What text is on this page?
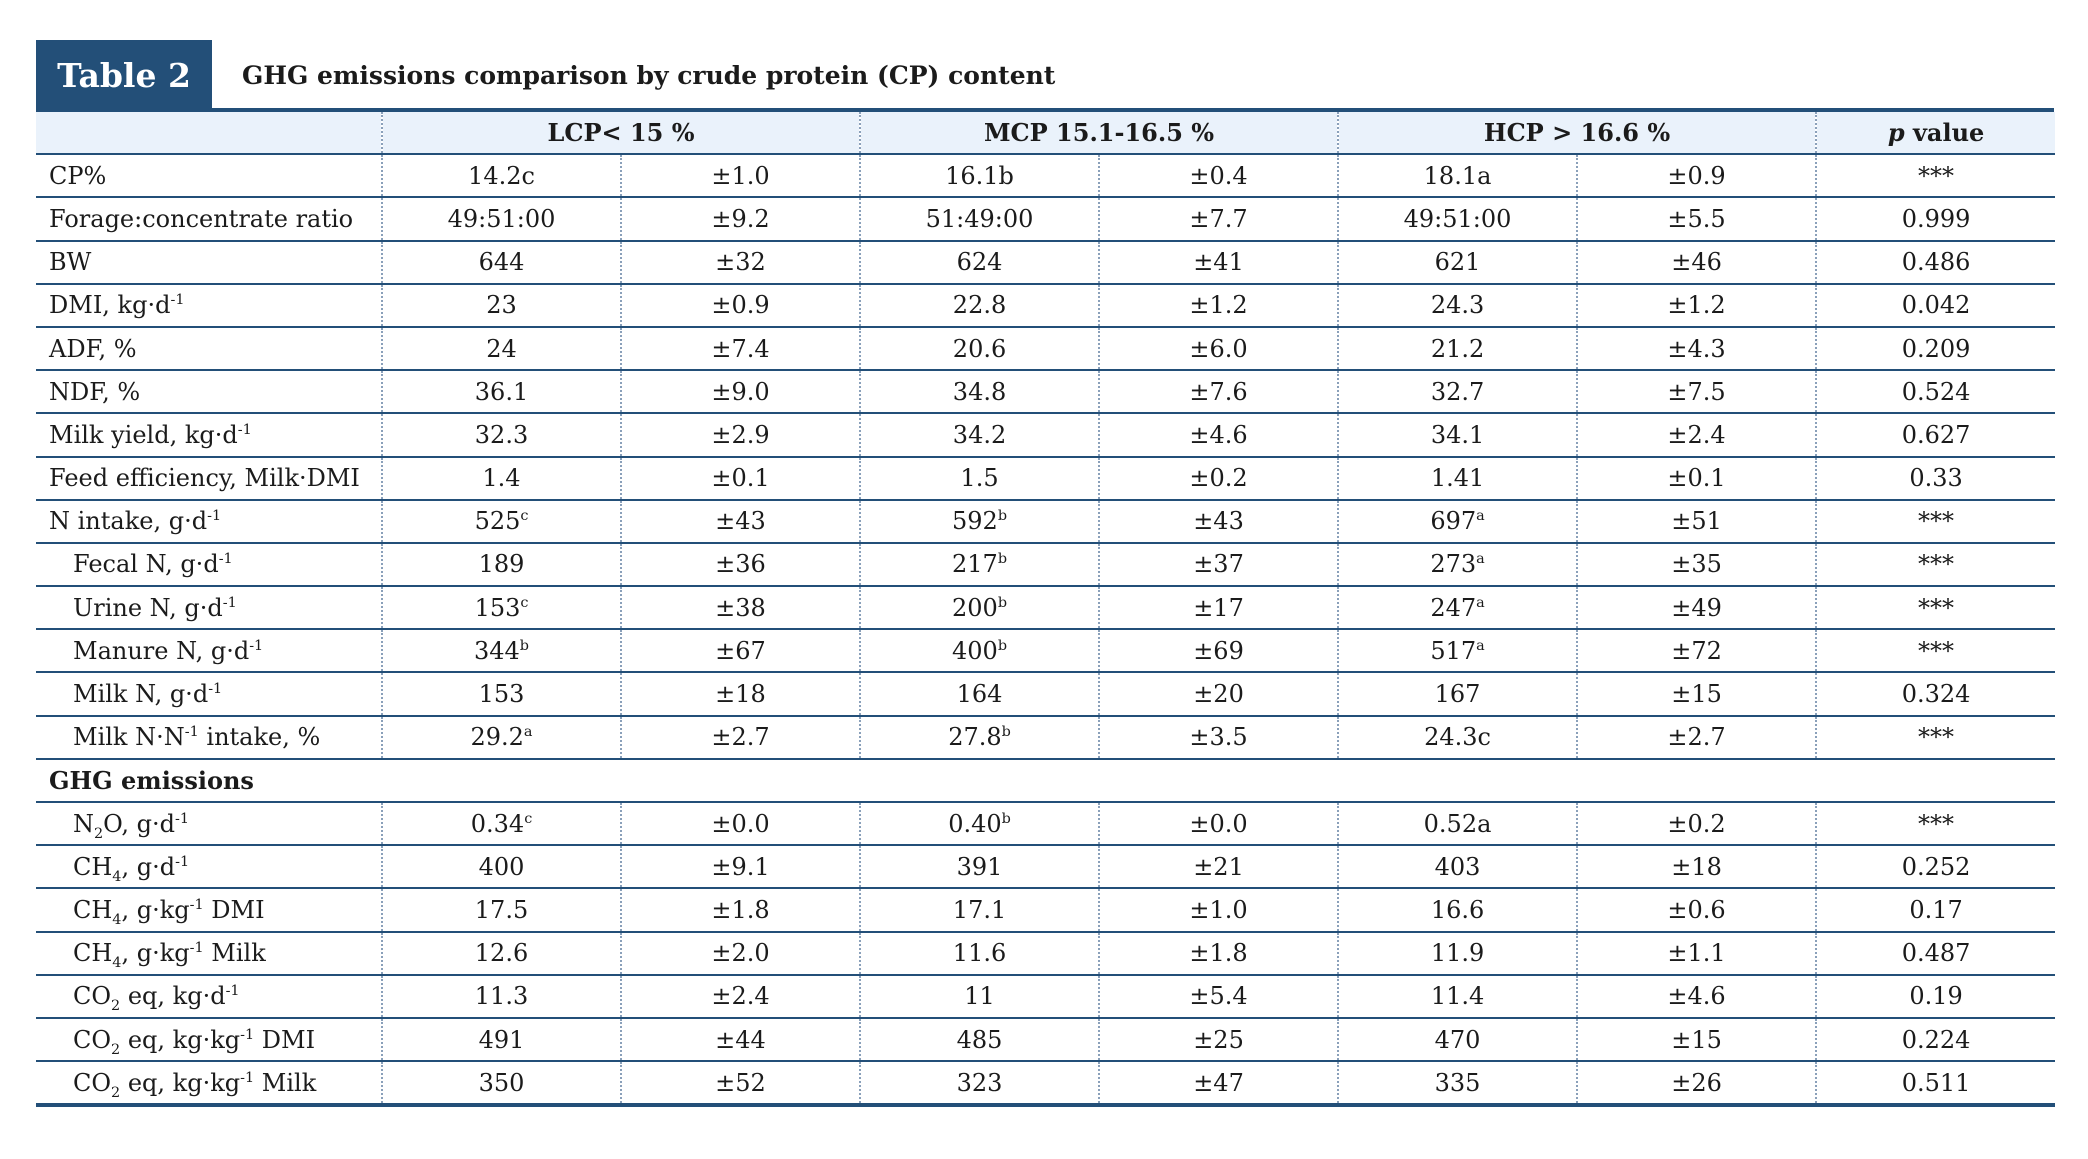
Table 2	GHG emissions comparison by crude protein (CP) content
	LCP< 15 %		MCP 15.1-16.5 %		HCP > 16.6 %		p value
CP%	14.2c	±1.0	16.1b	±0.4	18.1a	±0.9	***
Forage:concentrate ratio	49:51:00	±9.2	51:49:00	±7.7	49:51:00	±5.5	0.999
BW	644	±32	624	±41	621	±46	0.486
DMI, $kg\cdot d^{-1}$	23	±0.9	22.8	±1.2	24.3	±1.2	0.042
ADF, %	24	±7.4	20.6	±6.0	21.2	±4.3	0.209
NDF, %	36.1	±9.0	34.8	±7.6	32.7	±7.5	0.524
Milk yield, $kg\cdot d^{-1}$	32.3	±2.9	34.2	±4.6	34.1	±2.4	0.627
Feed efficiency, Milk·DMI	1.4	±0.1	1.5	±0.2	1.41	±0.1	0.33
N intake, $g\cdot d^{-1}$	$525^c$	±43	$592^b$	±43	$697^a$	±51	***
Fecal N, $g\cdot d^{-1}$	189	±36	$217^b$	±37	$273^a$	±35	***
Urine N, $g\cdot d^{-1}$	$153^c$	±38	$200^b$	±17	$247^a$	±49	***
Manure N, $g\cdot d^{-1}$	$344^b$	±67	$400^b$	±69	$517^a$	±72	***
Milk N, $g\cdot d^{-1}$	153	±18	164	±20	167	±15	0.324
Milk $N\cdot N^{-1}$ intake, %	29.2$^a$	±2.7	27.8$^b$	±3.5	24.3c	±2.7	***
GHG emissions							
$N_2O$, $g\cdot d^{-1}$	0.34$^c$	±0.0	0.40$^b$	±0.0	0.52a	±0.2	***
$CH_4$, $g\cdot d^{-1}$	400	±9.1	391	±21	403	±18	0.252
$CH_4$, $g\cdot kg^{-1}$ DMI	17.5	±1.8	17.1	±1.0	16.6	±0.6	0.17
$CH_4$, $g\cdot kg^{-1}$ Milk	12.6	±2.0	11.6	±1.8	11.9	±1.1	0.487
$CO_2$ eq, $kg\cdot d^{-1}$	11.3	±2.4	11	±5.4	11.4	±4.6	0.19
$CO_2$ eq, $kg\cdot kg^{-1}$ DMI	491	±44	485	±25	470	±15	0.224
$CO_2$ eq, $kg\cdot kg^{-1}$ Milk	350	±52	323	±47	335	±26	0.511
